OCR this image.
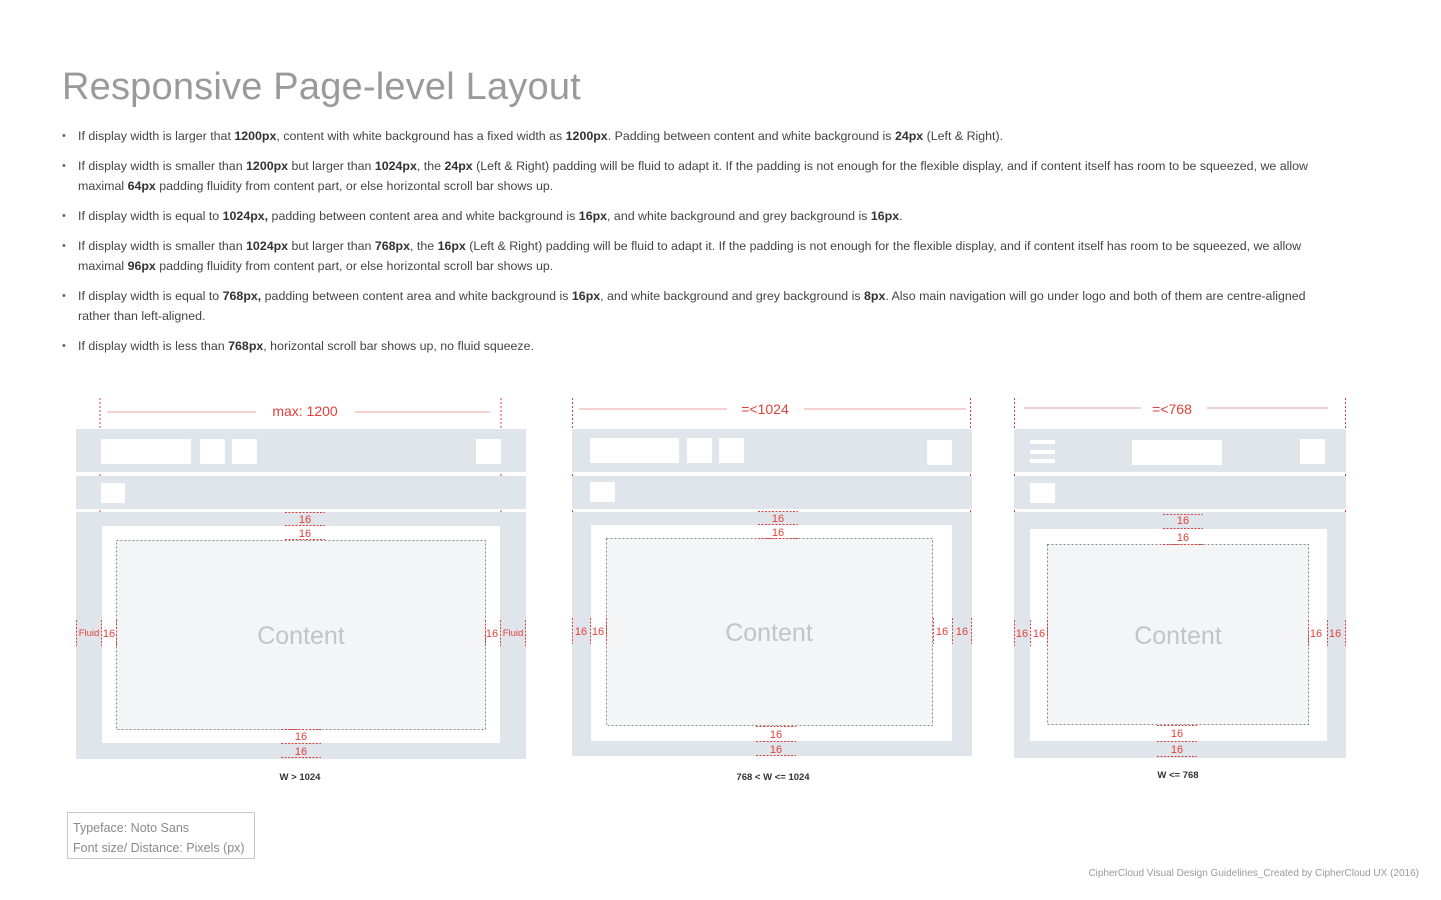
Responsive Page-level Layout
• If display width is larger that 1200px, content with white background has a fixed width as 1200px. Padding between content and white background is 24px (Left & Right).
• If display width is smaller than 1200px but larger than 1024px, the 24px (Left & Right) padding will be fluid to adapt it. If the padding is not enough for the flexible display, and if content itself has room to be squeezed, we allow maximal 64px padding fluidity from content part, or else horizontal scroll bar shows up.
• If display width is equal to 1024px, padding between content area and white background is 16px, and white background and grey background is 16px.
• If display width is smaller than 1024px but larger than 768px, the 16px (Left & Right) padding will be fluid to adapt it. If the padding is not enough for the flexible display, and if content itself has room to be squeezed, we allow maximal 96px padding fluidity from content part, or else horizontal scroll bar shows up.
• If display width is equal to 768px, padding between content area and white background is 16px, and white background and grey background is 8px. Also main navigation will go under logo and both of them are centre-aligned rather than left-aligned.
• If display width is less than 768px, horizontal scroll bar shows up, no fluid squeeze.
max: 1200
Content
16
16
16
16
Fluid 16	16 Fluid
W > 1024
=<1024
Content
16
16
16
16
16 16	16 16
768 < W <= 1024
=<768
Content
16
16
16
16
16 16	16 16
W <= 768
Typeface: Noto Sans
Font size/ Distance: Pixels (px)
CipherCloud Visual Design Guidelines_Created by CipherCloud UX (2016)
